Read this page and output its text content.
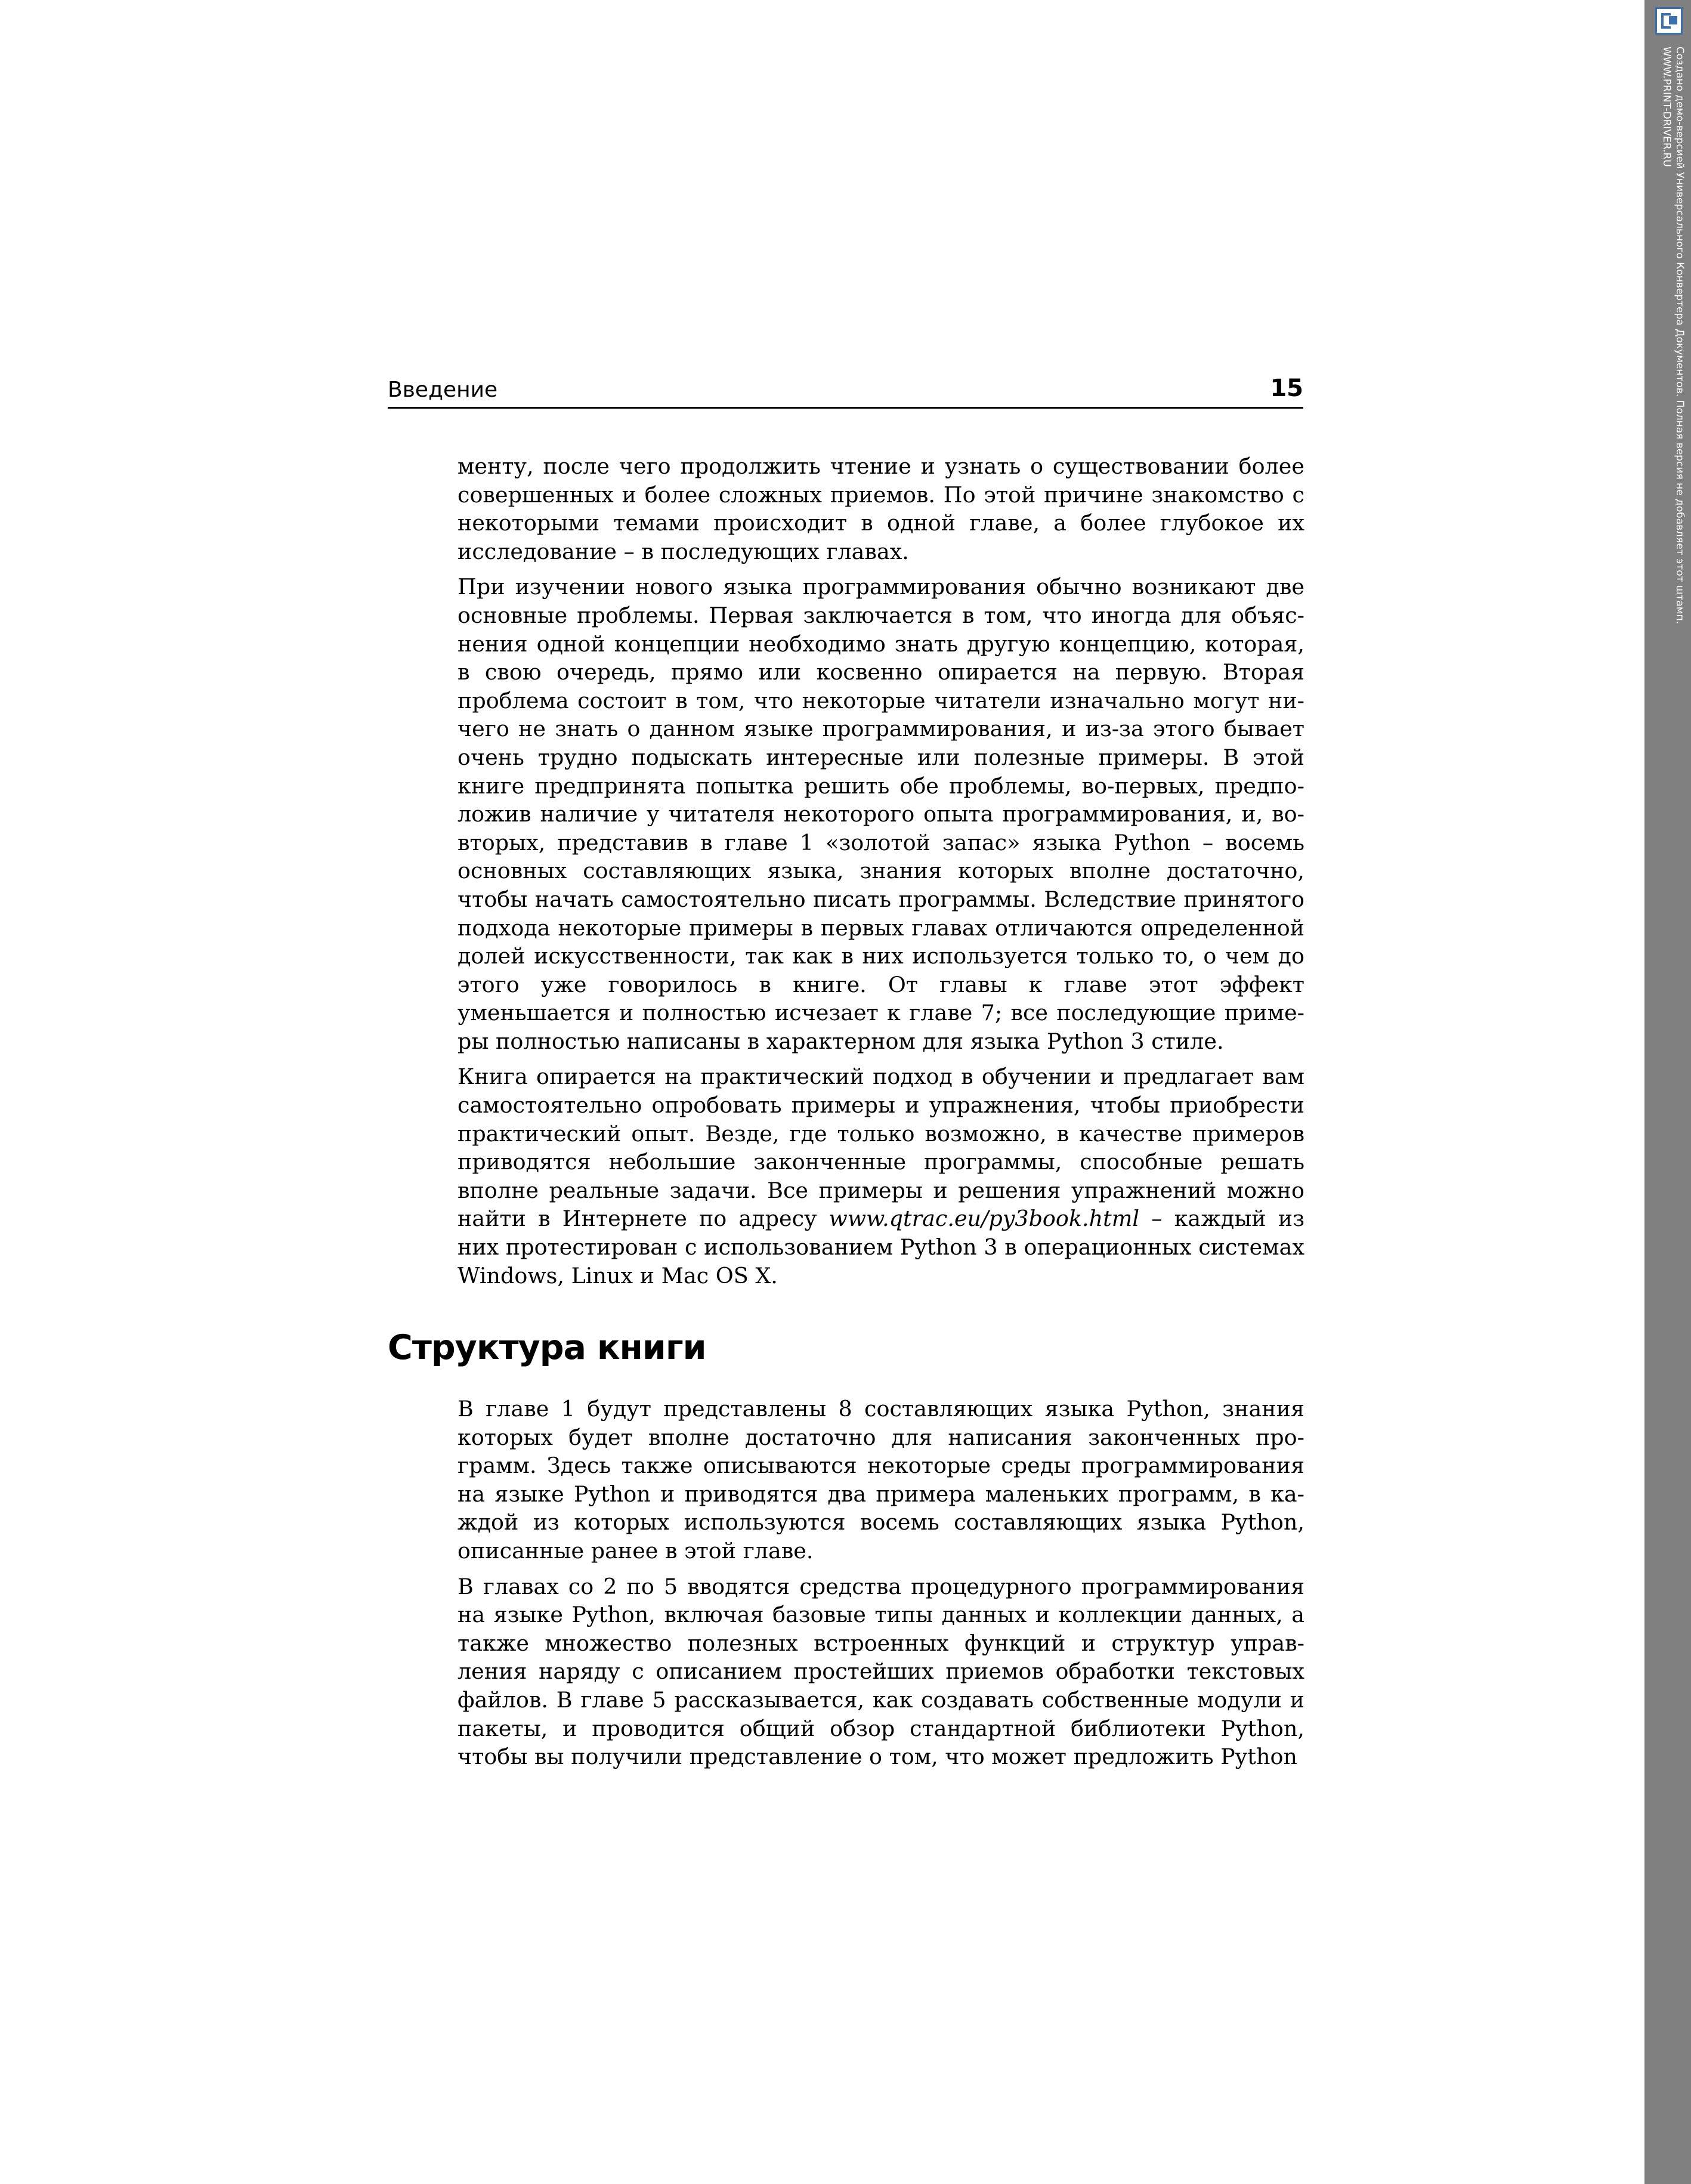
Введение	15

менту, после чего продолжить чтение и узнать о существовании более совершенных и более сложных приемов. По этой причине знакомство с некоторыми темами происходит в одной главе, а более глубокое их исследование – в последующих главах.

При изучении нового языка программирования обычно возникают две основные проблемы. Первая заключается в том, что иногда для объяснения одной концепции необходимо знать другую концепцию, которая, в свою очередь, прямо или косвенно опирается на первую. Вторая проблема состоит в том, что некоторые читатели изначально могут ничего не знать о данном языке программирования, и из-за этого бывает очень трудно подыскать интересные или полезные примеры. В этой книге предпринята попытка решить обе проблемы, во-первых, предположив наличие у читателя некоторого опыта программирования, и, во-вторых, представив в главе 1 «золотой запас» языка Python – восемь основных составляющих языка, знания которых вполне достаточно, чтобы начать самостоятельно писать программы. Вследствие принятого подхода некоторые примеры в первых главах отличаются определенной долей искусственности, так как в них используется только то, о чем до этого уже говорилось в книге. От главы к главе этот эффект уменьшается и полностью исчезает к главе 7; все последующие примеры полностью написаны в характерном для языка Python 3 стиле.

Книга опирается на практический подход в обучении и предлагает вам самостоятельно опробовать примеры и упражнения, чтобы приобрести практический опыт. Везде, где только возможно, в качестве примеров приводятся небольшие законченные программы, способные решать вполне реальные задачи. Все примеры и решения упражнений можно найти в Интернете по адресу www.qtrac.eu/py3book.html – каждый из них протестирован с использованием Python 3 в операционных системах Windows, Linux и Mac OS X.

Структура книги

В главе 1 будут представлены 8 составляющих языка Python, знания которых будет вполне достаточно для написания законченных программ. Здесь также описываются некоторые среды программирования на языке Python и приводятся два примера маленьких программ, в каждой из которых используются восемь составляющих языка Python, описанные ранее в этой главе.

В главах со 2 по 5 вводятся средства процедурного программирования на языке Python, включая базовые типы данных и коллекции данных, а также множество полезных встроенных функций и структур управления наряду с описанием простейших приемов обработки текстовых файлов. В главе 5 рассказывается, как создавать собственные модули и пакеты, и проводится общий обзор стандартной библиотеки Python, чтобы вы получили представление о том, что может предложить Python

Создано демо-версией Универсального Конвертера Документов. Полная версия не добавляет этот штамп.
WWW.PRINT-DRIVER.RU
